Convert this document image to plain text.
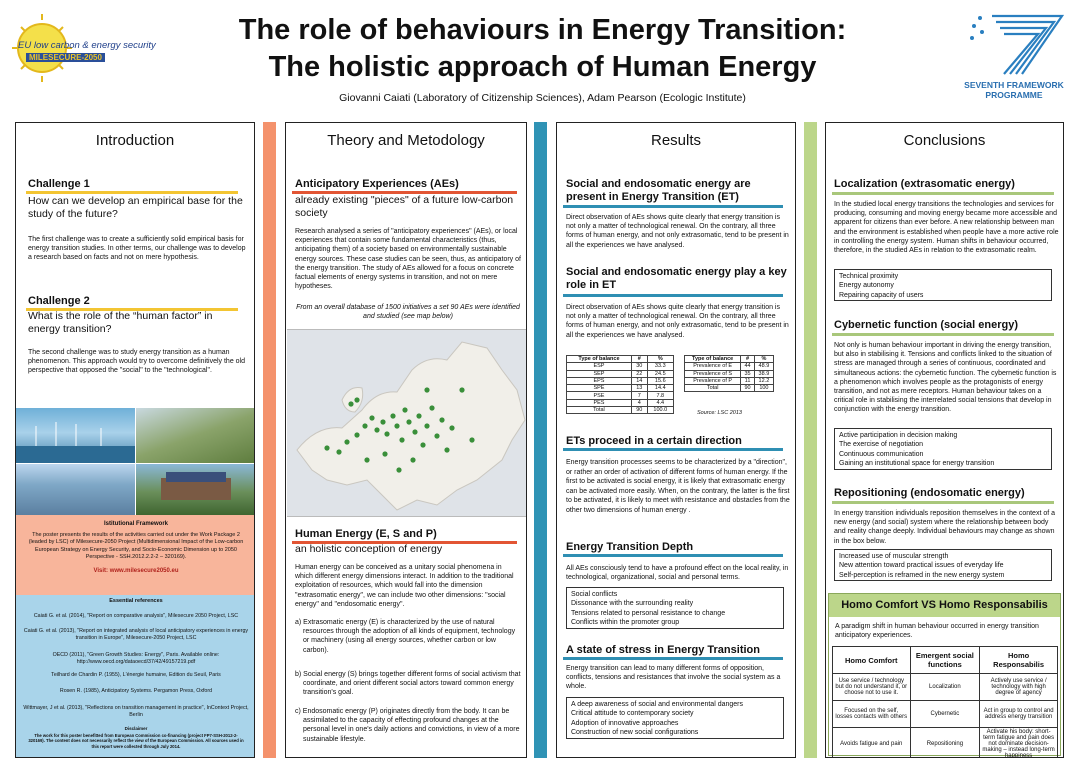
EU low carbon & energy security
MILESECURE-2050
The role of behaviours in Energy Transition:
The holistic approach of Human Energy
Giovanni Caiati (Laboratory of Citizenship Sciences), Adam Pearson (Ecologic Institute)
SEVENTH FRAMEWORK
PROGRAMME
Introduction
Challenge 1
How can we develop an empirical base for the study of the future?
The first challenge was to create a sufficiently solid empirical basis for energy transition studies. In other terms, our challenge was to develop a research based on facts and not on mere hypothesis.
Challenge 2
What is the role of the “human factor” in energy transition?
The second challenge was to study energy transition as a human phenomenon. This approach would try to overcome definitively the old perspective that opposed the "social" to the "technological".
Istitutional Framework
The poster presents the results of the activities carried out under the Work Package 2 (leaded by LSC) of Milesecure-2050 Project (Multidimensional Impact of the Low-carbon European Strategy on Energy Security, and Socio-Economic Dimension up to 2050 Perspective - SSH.2012.2.2-2 – 320169).
Visit: www.milesecure2050.eu
Essential references
Caiati G. et al. (2014), "Report on comparative analysis", Milesecure 2050 Project, LSC
Caiati G. et al. (2013), "Report on integrated analysis of local anticipatory experiences in energy transition in Europe", Milesecure-2050 Project, LSC
OECD (2011), "Green Growth Studies: Energy", Paris. Available online: http://www.oecd.org/dataoecd/37/42/49157219.pdf
Teilhard de Chardin P. (1955), L'énergie humaine, Edition du Seuil, Paris
Rosen R. (1985), Anticipatory Systems. Pergamon Press, Oxford
Wittmayer, J et al. (2013), "Reflections on transition management in practice", InContext Project, Berlin
Disclaimer
The work for this poster benefitted from European Commission co-financing (project FP7-SSH-2012-2- 320169). The content does not necessarily reflect the view of the European Commission. All sources used in this report were collected through July 2014.
Theory and Metodology
Anticipatory Experiences (AEs)
already existing "pieces" of a future low-carbon society
Research analysed a series of "anticipatory experiences" (AEs), or local experiences that contain some fundamental characteristics (thus, anticipating them) of a society based on environmentally sustainable energy sources. These case studies can be seen, thus, as anticipatory of the energy transition. The study of AEs allowed for a focus on concrete factual elements of energy systems in transition, and not on mere hypotheses.
From an overall database of 1500 initiatives a set 90 AEs were identified and studied (see map below)
Human Energy (E, S and P)
an holistic conception of energy
Human energy can be conceived as a unitary social phenomena in which different energy dimensions interact. In addition to the traditional exploitation of resources, which would fall into the dimension "extrasomatic energy", we can include two other dimensions: "social energy" and "endosomatic energy".
a) Extrasomatic energy (E) is characterized by the use of natural resources through the adoption of all kinds of equipment, technology or machinery (using all energy sources, whether carbon or low carbon).
b) Social energy (S) brings together different forms of social activism that coordinate, and orient different social actors toward common energy transition's goal.
c) Endosomatic energy (P) originates directly from the body. It can be assimilated to the capacity of effecting profound changes at the personal level in one's daily actions and convictions, in view of a more sustainable lifestyle.
Results
Social and endosomatic energy are present in Energy Transition (ET)
Direct observation of AEs shows quite clearly that energy transition is not only a matter of technological renewal. On the contrary, all three forms of human energy, and not only extrasomatic, tend to be present in all the experiences we have analysed.
Social and endosomatic energy play a key role in ET
Direct observation of AEs shows quite clearly that energy transition is not only a matter of technological renewal. On the contrary, all three forms of human energy, and not only extrasomatic, tend to be present in all the experiences we have analysed.
Type of balance	#	%
ESP	30	33.3
SEP	22	24.5
EPS	14	15.6
SPE	13	14.4
PSE	7	7.8
PES	4	4.4
Total	90	100.0
Type of balance	#	%
Prevalence of E	44	48.9
Prevalence of S	35	38.9
Prevalence of P	11	12.2
Total	90	100
Source: LSC 2013
ETs proceed in a certain direction
Energy transition processes seems to be characterized by a "direction", or rather an order of activation of different forms of human energy. If the first to be activated is social energy, it is likely that extrasomatic energy can be activated more easily. When, on the contrary, the latter is the first to be activated, it is likely to meet with resistance and obstacles from the other two dimensions of human energy .
Energy Transition Depth
All AEs consciously tend to have a profound effect on the local reality, in technological, organizational, social and personal terms.
Social conflicts
Dissonance with the surrounding reality
Tensions related to personal resistance to change
Conflicts within the promoter group
A state of stress in Energy Transition
Energy transition can lead to many different forms of opposition, conflicts, tensions and resistances that involve the social system as a whole.
A deep awareness of social and environmental dangers
Critical attitude to contemporary society
Adoption of innovative approaches
Construction of new social configurations
Conclusions
Localization (extrasomatic energy)
In the studied local energy transitions the technologies and services for producing, consuming and moving energy became more accessible and apparent for citizens than ever before. A new relationship between man and the environment is established when people have a more active role in controlling the energy system. Human shifts in behaviour occurred, therefore, in the studied AEs in relation to the extrasomatic realm.
Technical proximity
Energy autonomy
Repairing capacity of users
Cybernetic function (social energy)
Not only is human behaviour important in driving the energy transition, but also in stabilising it. Tensions and conflicts linked to the situation of stress are managed through a series of continuous, coordinated and simultaneous actions: the cybernetic function. The cybernetic function is a phenomenon which involves people as the protagonists of energy transition, and not as mere receptors. Human behaviour takes on a critical role in stabilising the interrelated social tensions that develop in conjunction with the energy transition.
Active participation in decision making
The exercise of negotiation
Continuous communication
Gaining an institutional space for energy transition
Repositioning (endosomatic energy)
In energy transition individuals reposition themselves in the context of a new energy (and social) system where the relationship between body and reality change deeply. Individual behaviours may change as shown in the box below.
Increased use of muscular strength
New attention toward practical issues of everyday life
Self-perception is reframed in the new energy system
Homo Comfort VS Homo Responsabilis
A paradigm shift in human behaviour occurred in energy transition anticipatory experiences.
Homo Comfort	Emergent social functions	Homo Responsabilis
Use service / technology but do not understand it, or choose not to use it.	Localization	Actively use service / technology with high degree of agency
Focused on the self, losses contacts with others	Cybernetic	Act in group to control and address energy transition
Avoids fatigue and pain	Repositioning	Activate his body: short-term fatigue and pain does not dominate decision-making – instead long-term happiness
